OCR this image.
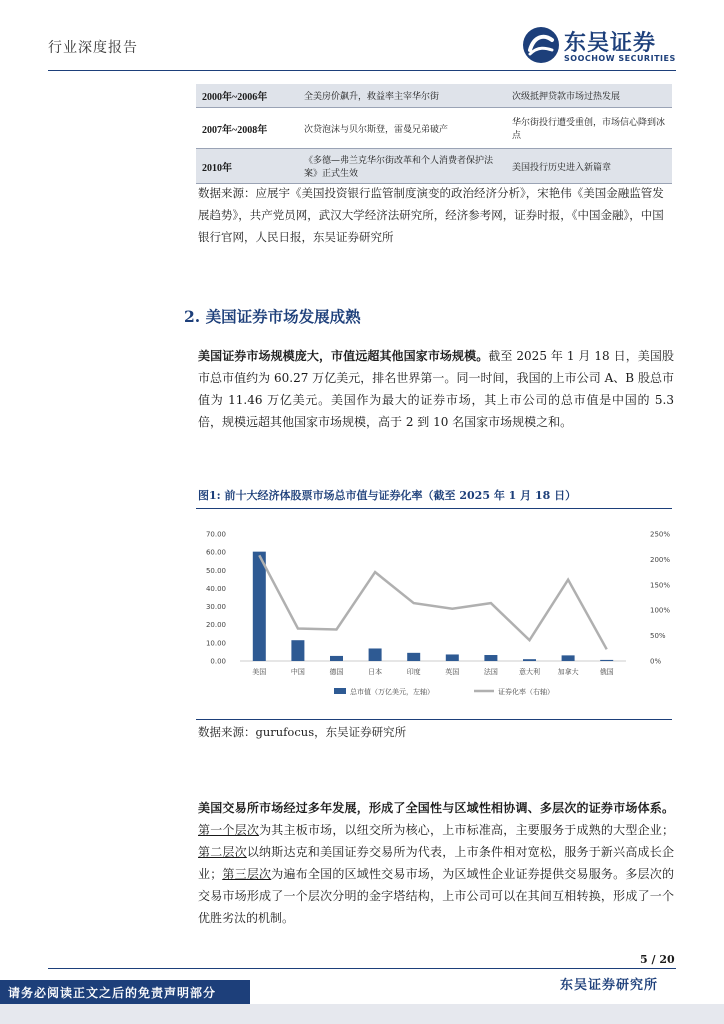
行业深度报告	东吴证券
SOOCHOW SECURITIES
2000年~2006年	全美房价飙升，救益率主宰华尔街	次级抵押贷款市场过热发展
2007年~2008年	次贷泡沫与贝尔斯登，雷曼兄弟破产	华尔街投行遭受重创，市场信心降到冰点
2010年	《多德—弗兰克华尔街改革和个人消费者保护法案》正式生效	美国投行历史进入新篇章
数据来源：应展宇《美国投资银行监管制度演变的政治经济分析》，宋艳伟《美国金融监管发展趋势》，共产党员网，武汉大学经济法研究所，经济参考网，证券时报，《中国金融》，中国银行官网，人民日报，东吴证券研究所
2. 美国证券市场发展成熟
美国证券市场规模庞大，市值远超其他国家市场规模。截至 2025 年 1 月 18 日，美国股市总市值约为 60.27 万亿美元，排名世界第一。同一时间，我国的上市公司 A、B 股总市值为 11.46 万亿美元。美国作为最大的证券市场，其上市公司的总市值是中国的 5.3 倍，规模远超其他国家市场规模，高于 2 到 10 名国家市场规模之和。
图1: 前十大经济体股票市场总市值与证券化率（截至 2025 年 1 月 18 日）
0.00
10.00
20.00
30.00
40.00
50.00
60.00
70.00
0%
50%
100%
150%
200%
250%
美国	中国	德国	日本	印度	英国	法国	意大利	加拿大	俄国
总市值（万亿美元，左轴）	证券化率（右轴）
数据来源：gurufocus，东吴证券研究所
美国交易所市场经过多年发展，形成了全国性与区域性相协调、多层次的证券市场体系。第一个层次为其主板市场，以纽交所为核心，上市标准高，主要服务于成熟的大型企业；第二层次以纳斯达克和美国证券交易所为代表，上市条件相对宽松，服务于新兴高成长企业；第三层次为遍布全国的区域性交易市场，为区域性企业证券提供交易服务。多层次的交易市场形成了一个层次分明的金字塔结构，上市公司可以在其间互相转换，形成了一个优胜劣汰的机制。
5 / 20
东吴证券研究所
请务必阅读正文之后的免责声明部分
